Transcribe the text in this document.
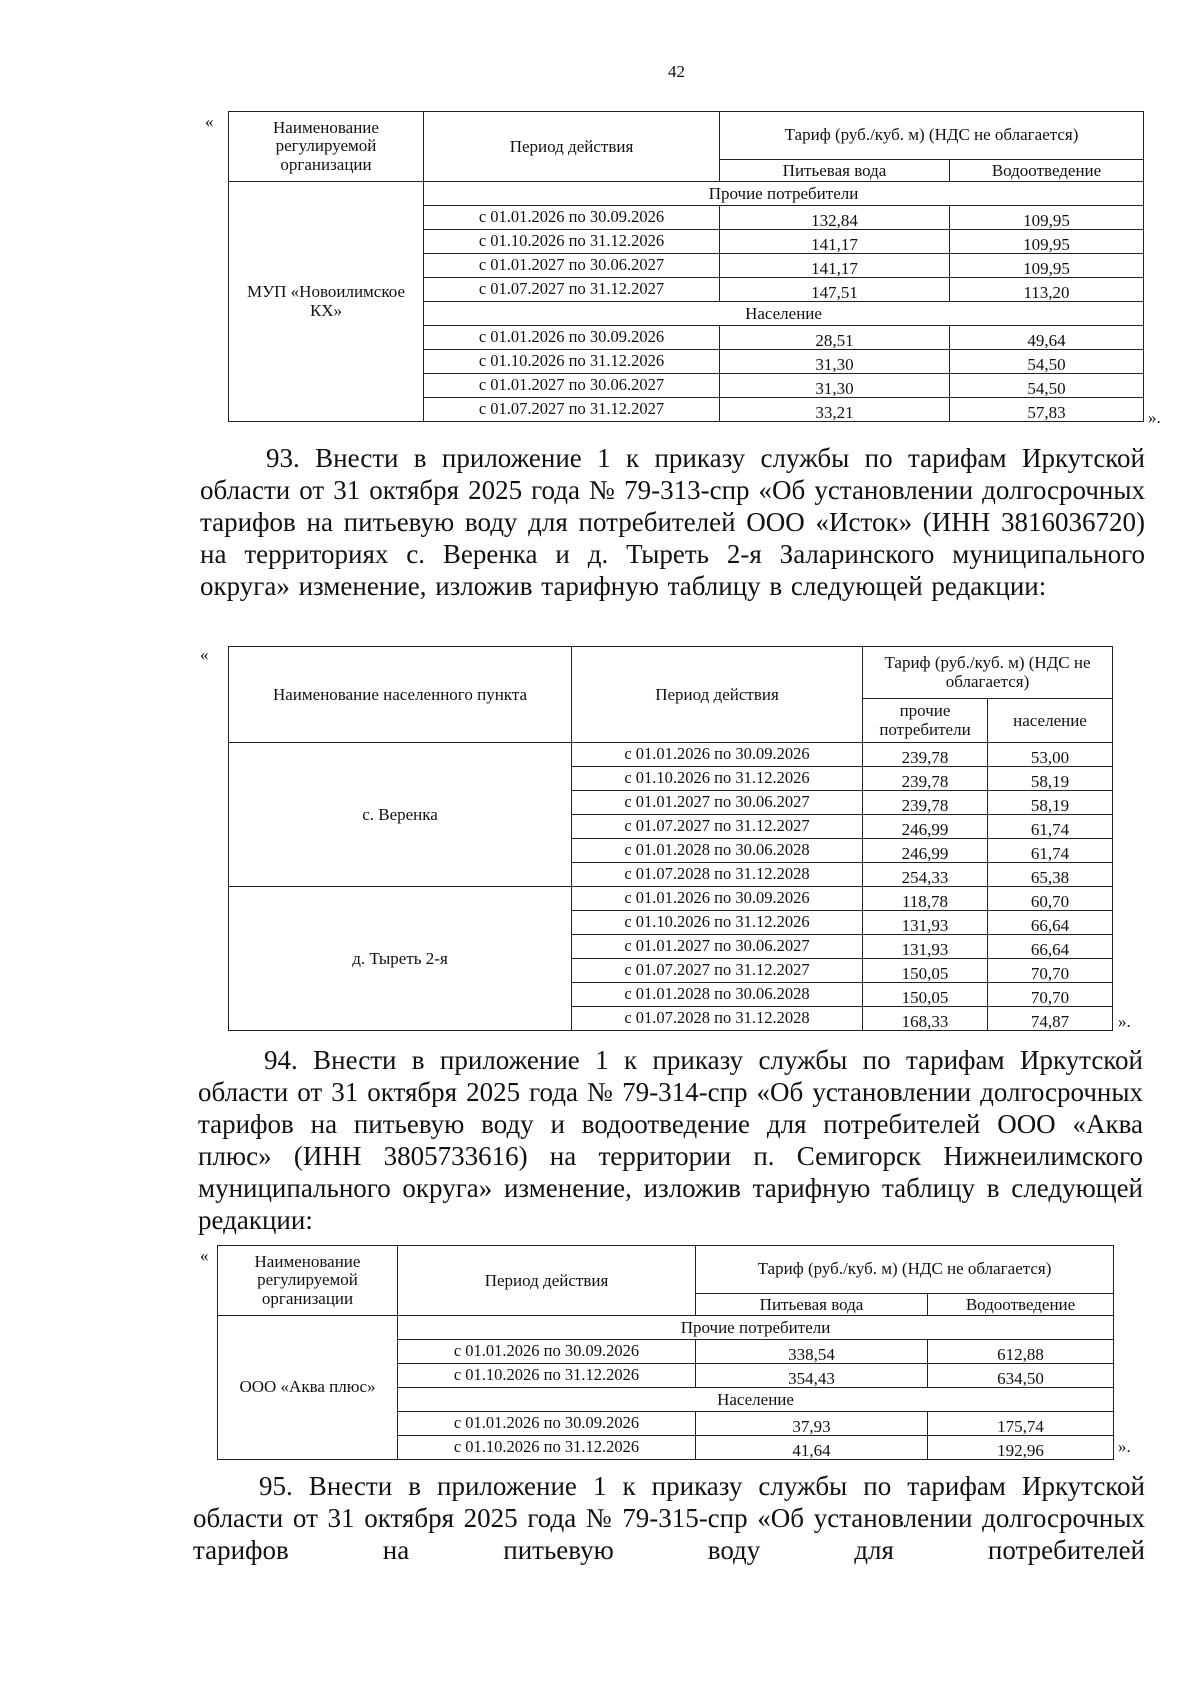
42
«	Наименование регулируемой организации	Период действия	Тариф (руб./куб. м) (НДС не облагается)	
		Питьевая вода	Водоотведение
МУП «Новоилимское КХ»	Прочие потребители		
	с 01.01.2026 по 30.09.2026	132,84	109,95
	с 01.10.2026 по 31.12.2026	141,17	109,95
	с 01.01.2027 по 30.06.2027	141,17	109,95
	с 01.07.2027 по 31.12.2027	147,51	113,20
	Население		
	с 01.01.2026 по 30.09.2026	28,51	49,64
	с 01.10.2026 по 31.12.2026	31,30	54,50
	с 01.01.2027 по 30.06.2027	31,30	54,50
	с 01.07.2027 по 31.12.2027	33,21	57,83	».
93. Внести в приложение 1 к приказу службы по тарифам Иркутской области от 31 октября 2025 года № 79-313-спр «Об установлении долгосрочных тарифов на питьевую воду для потребителей ООО «Исток» (ИНН 3816036720) на территориях с. Веренка и д. Тыреть 2-я Заларинского муниципального округа» изменение, изложив тарифную таблицу в следующей редакции:
«
Наименование населенного пункта	Период действия	Тариф (руб./куб. м) (НДС не облагается)	
		прочие потребители	население
с. Веренка	с 01.01.2026 по 30.09.2026	239,78	53,00
	с 01.10.2026 по 31.12.2026	239,78	58,19
	с 01.01.2027 по 30.06.2027	239,78	58,19
	с 01.07.2027 по 31.12.2027	246,99	61,74
	с 01.01.2028 по 30.06.2028	246,99	61,74
	с 01.07.2028 по 31.12.2028	254,33	65,38
д. Тыреть 2-я	с 01.01.2026 по 30.09.2026	118,78	60,70
	с 01.10.2026 по 31.12.2026	131,93	66,64
	с 01.01.2027 по 30.06.2027	131,93	66,64
	с 01.07.2027 по 31.12.2027	150,05	70,70
	с 01.01.2028 по 30.06.2028	150,05	70,70
	с 01.07.2028 по 31.12.2028	168,33	74,87	».
94. Внести в приложение 1 к приказу службы по тарифам Иркутской области от 31 октября 2025 года № 79-314-спр «Об установлении долгосрочных тарифов на питьевую воду и водоотведение для потребителей ООО «Аква плюс» (ИНН 3805733616) на территории п. Семигорск Нижнеилимского муниципального округа» изменение, изложив тарифную таблицу в следующей редакции:
«	Наименование регулируемой организации	Период действия	Тариф (руб./куб. м) (НДС не облагается)	
		Питьевая вода	Водоотведение
ООО «Аква плюс»	Прочие потребители		
	с 01.01.2026 по 30.09.2026	338,54	612,88
	с 01.10.2026 по 31.12.2026	354,43	634,50
	Население		
	с 01.01.2026 по 30.09.2026	37,93	175,74
	с 01.10.2026 по 31.12.2026	41,64	192,96	».
95. Внести в приложение 1 к приказу службы по тарифам Иркутской области от 31 октября 2025 года № 79-315-спр «Об установлении долгосрочных тарифов на питьевую воду для потребителей
